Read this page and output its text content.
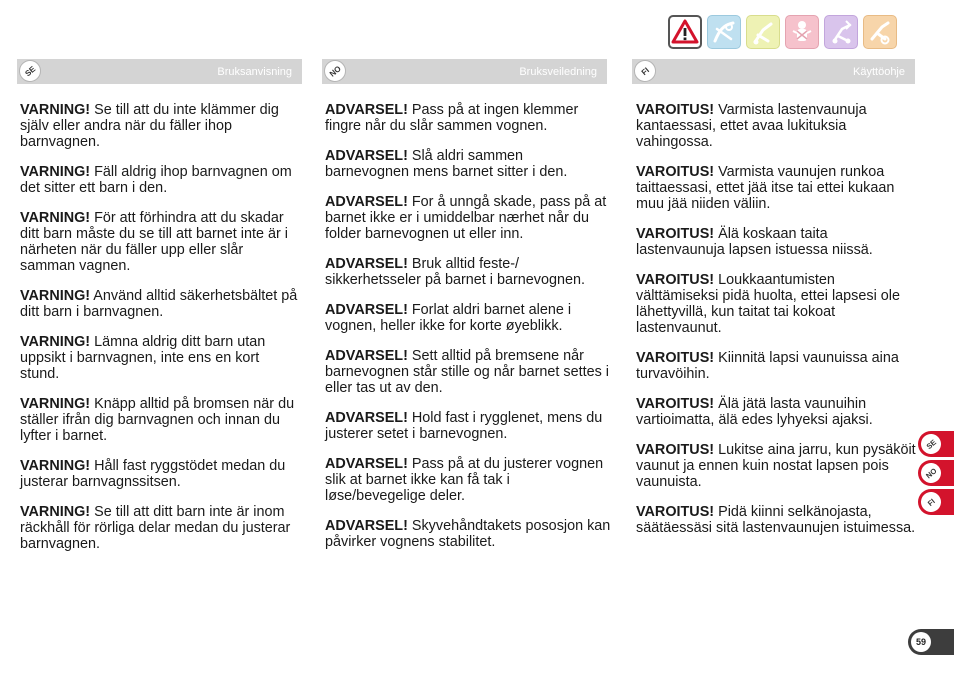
SE	Bruksanvisning	NO	Bruksveiledning	FI	Käyttöohje

VARNING! Se till att du inte klämmer dig själv eller andra när du fäller ihop barnvagnen.

VARNING! Fäll aldrig ihop barnvagnen om det sitter ett barn i den.

VARNING! För att förhindra att du skadar ditt barn måste du se till att barnet inte är i närheten när du fäller upp eller slår samman vagnen.

VARNING! Använd alltid säkerhetsbältet på ditt barn i barnvagnen.

VARNING! Lämna aldrig ditt barn utan uppsikt i barnvagnen, inte ens en kort stund.

VARNING! Knäpp alltid på bromsen när du ställer ifrån dig barnvagnen och innan du lyfter i barnet.

VARNING! Håll fast ryggstödet medan du justerar barnvagnssitsen.

VARNING! Se till att ditt barn inte är inom räckhåll för rörliga delar medan du justerar barnvagnen.

ADVARSEL! Pass på at ingen klemmer fingre når du slår sammen vognen.

ADVARSEL! Slå aldri sammen barnevognen mens barnet sitter i den.

ADVARSEL! For å unngå skade, pass på at barnet ikke er i umiddelbar nærhet når du folder barnevognen ut eller inn.

ADVARSEL! Bruk alltid feste-/ sikkerhetsseler på barnet i barnevognen.

ADVARSEL! Forlat aldri barnet alene i vognen, heller ikke for korte øyeblikk.

ADVARSEL! Sett alltid på bremsene når barnevognen står stille og når barnet settes i eller tas ut av den.

ADVARSEL! Hold fast i rygglenet, mens du justerer setet i barnevognen.

ADVARSEL! Pass på at du justerer vognen slik at barnet ikke kan få tak i løse/bevegelige deler.

ADVARSEL! Skyvehåndtakets pososjon kan påvirker vognens stabilitet.

VAROITUS! Varmista lastenvaunuja kantaessasi, ettet avaa lukituksia vahingossa.

VAROITUS! Varmista vaunujen runkoa taittaessasi, ettet jää itse tai ettei kukaan muu jää niiden väliin.

VAROITUS! Älä koskaan taita lastenvaunuja lapsen istuessa niissä.

VAROITUS! Loukkaantumisten välttämiseksi pidä huolta, ettei lapsesi ole lähettyvillä, kun taitat tai kokoat lastenvaunut.

VAROITUS! Kiinnitä lapsi vaunuissa aina turvavöihin.

VAROITUS! Älä jätä lasta vaunuihin vartioimatta, älä edes lyhyeksi ajaksi.

VAROITUS! Lukitse aina jarru, kun pysäköit vaunut ja ennen kuin nostat lapsen pois vaunuista.

VAROITUS! Pidä kiinni selkänojasta, säätäessäsi sitä lastenvaunujen istuimessa.

SE
NO
FI
59
